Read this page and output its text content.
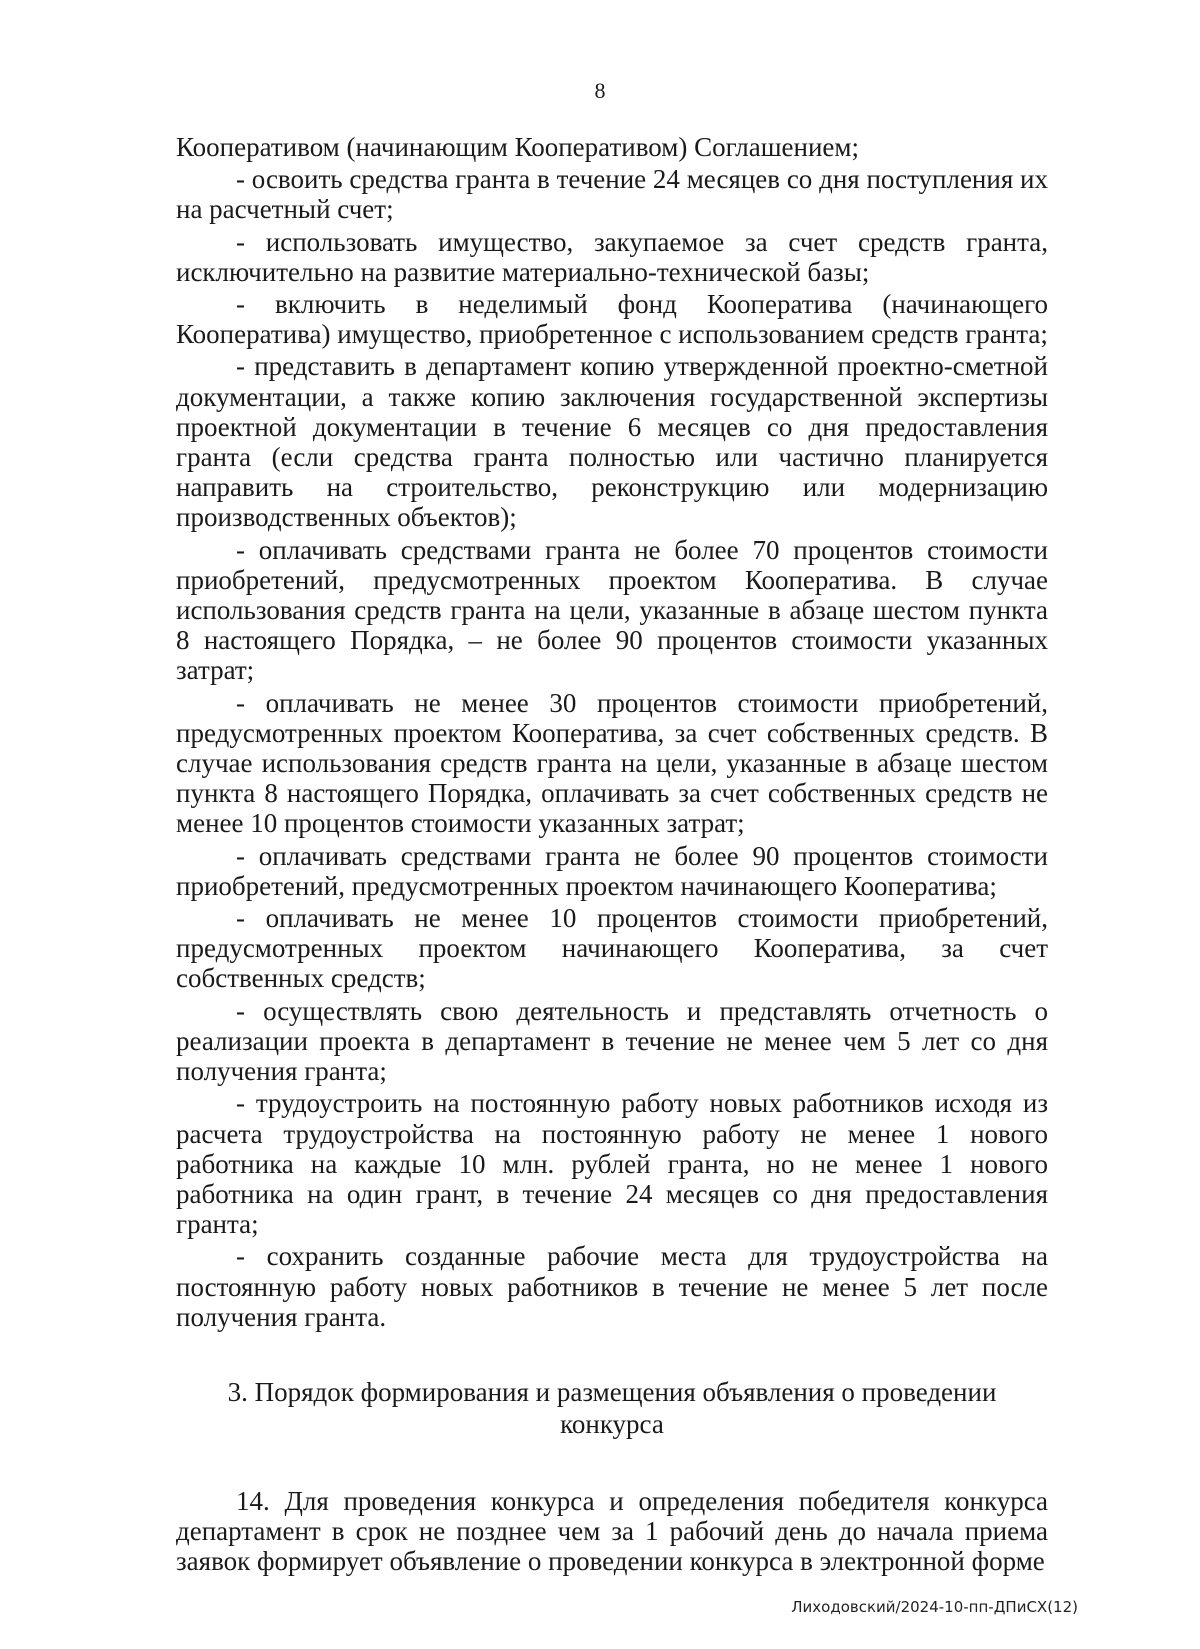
8

Кооперативом (начинающим Кооперативом) Соглашением;

- освоить средства гранта в течение 24 месяцев со дня поступления их на расчетный счет;

- использовать имущество, закупаемое за счет средств гранта, исключительно на развитие материально-технической базы;

- включить в неделимый фонд Кооператива (начинающего Кооператива) имущество, приобретенное с использованием средств гранта;

- представить в департамент копию утвержденной проектно-сметной документации, а также копию заключения государственной экспертизы проектной документации в течение 6 месяцев со дня предоставления гранта (если средства гранта полностью или частично планируется направить на строительство, реконструкцию или модернизацию производственных объектов);

- оплачивать средствами гранта не более 70 процентов стоимости приобретений, предусмотренных проектом Кооператива. В случае использования средств гранта на цели, указанные в абзаце шестом пункта 8 настоящего Порядка, – не более 90 процентов стоимости указанных затрат;

- оплачивать не менее 30 процентов стоимости приобретений, предусмотренных проектом Кооператива, за счет собственных средств. В случае использования средств гранта на цели, указанные в абзаце шестом пункта 8 настоящего Порядка, оплачивать за счет собственных средств не менее 10 процентов стоимости указанных затрат;

- оплачивать средствами гранта не более 90 процентов стоимости приобретений, предусмотренных проектом начинающего Кооператива;

- оплачивать не менее 10 процентов стоимости приобретений, предусмотренных проектом начинающего Кооператива, за счет собственных средств;

- осуществлять свою деятельность и представлять отчетность о реализации проекта в департамент в течение не менее чем 5 лет со дня получения гранта;

- трудоустроить на постоянную работу новых работников исходя из расчета трудоустройства на постоянную работу не менее 1 нового работника на каждые 10 млн. рублей гранта, но не менее 1 нового работника на один грант, в течение 24 месяцев со дня предоставления гранта;

- сохранить созданные рабочие места для трудоустройства на постоянную работу новых работников в течение не менее 5 лет после получения гранта.

3. Порядок формирования и размещения объявления о проведении конкурса

14. Для проведения конкурса и определения победителя конкурса департамент в срок не позднее чем за 1 рабочий день до начала приема заявок формирует объявление о проведении конкурса в электронной форме

Лиходовский/2024-10-пп-ДПиСХ(12)
